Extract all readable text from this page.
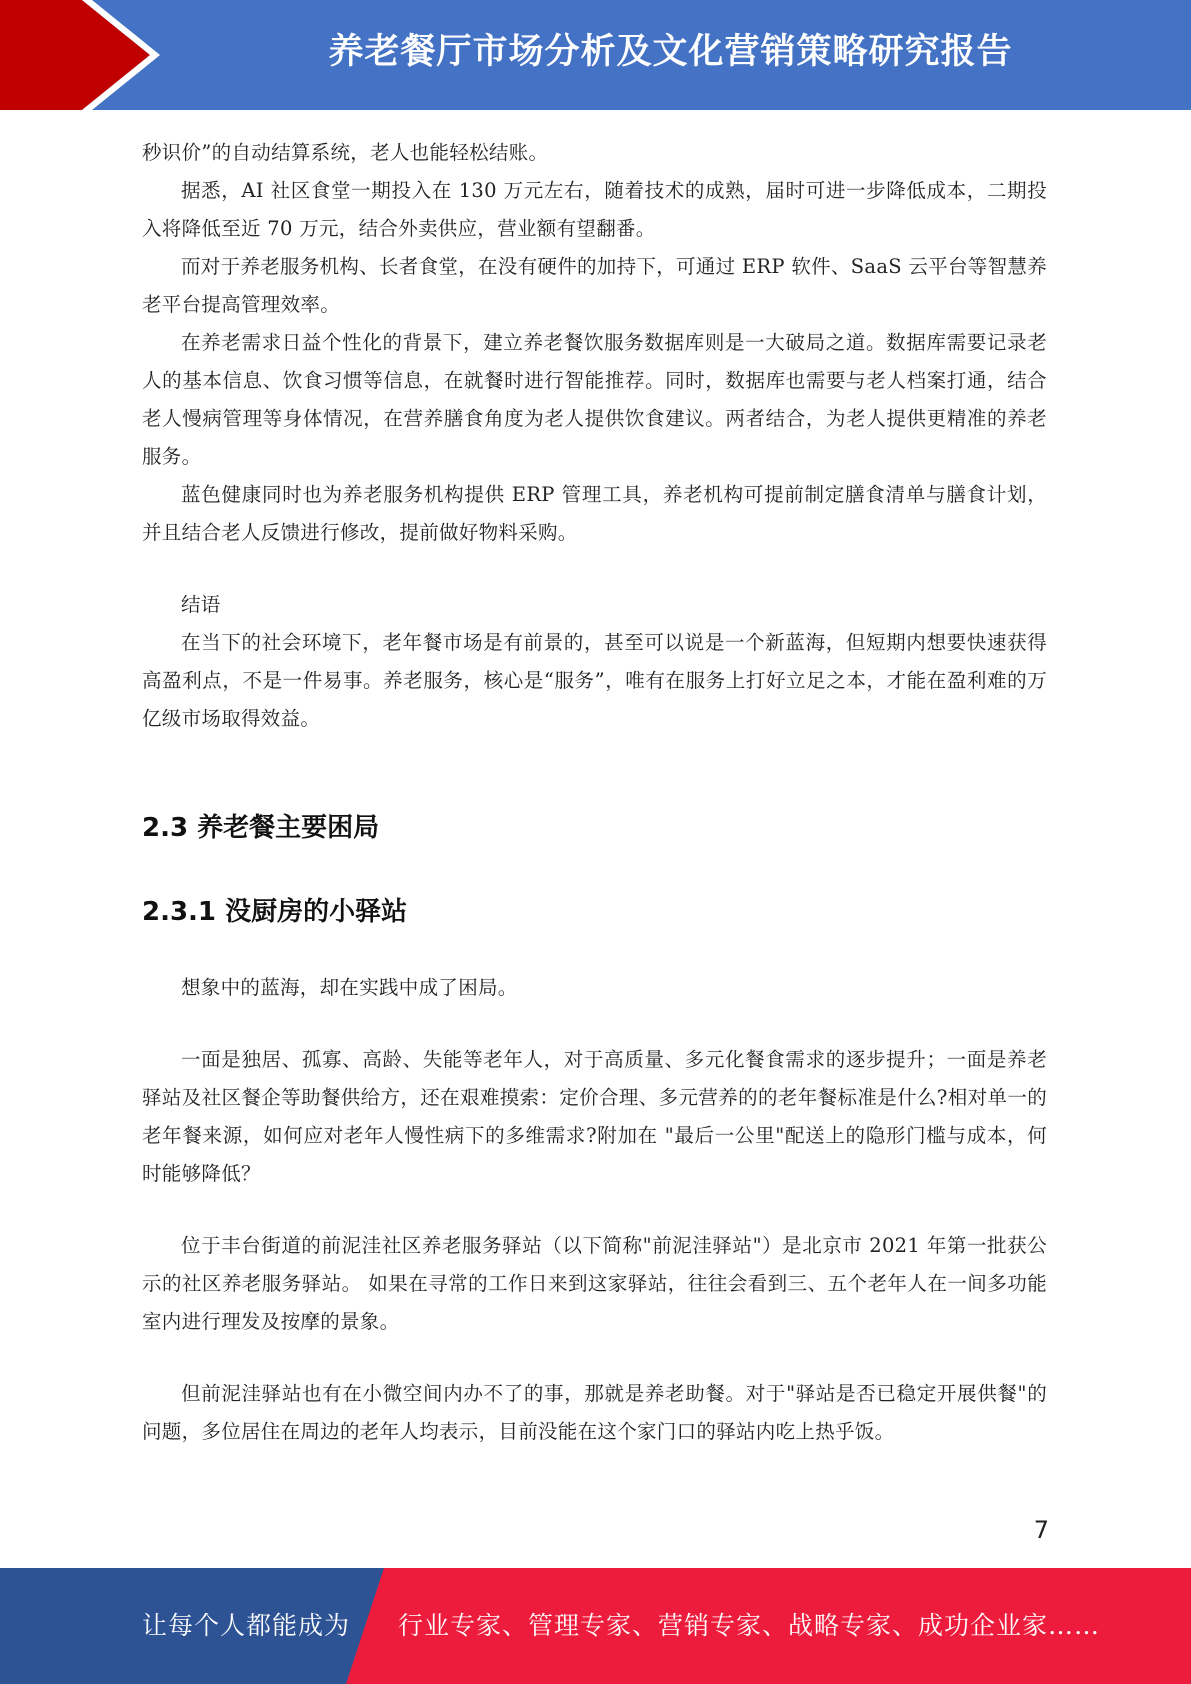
养老餐厅市场分析及文化营销策略研究报告

秒识价”的自动结算系统，老人也能轻松结账。

据悉，AI 社区食堂一期投入在 130 万元左右，随着技术的成熟，届时可进一步降低成本，二期投入将降低至近 70 万元，结合外卖供应，营业额有望翻番。

而对于养老服务机构、长者食堂，在没有硬件的加持下，可通过 ERP 软件、SaaS 云平台等智慧养老平台提高管理效率。

在养老需求日益个性化的背景下，建立养老餐饮服务数据库则是一大破局之道。数据库需要记录老人的基本信息、饮食习惯等信息，在就餐时进行智能推荐。同时，数据库也需要与老人档案打通，结合老人慢病管理等身体情况，在营养膳食角度为老人提供饮食建议。两者结合，为老人提供更精准的养老服务。

蓝色健康同时也为养老服务机构提供 ERP 管理工具，养老机构可提前制定膳食清单与膳食计划，并且结合老人反馈进行修改，提前做好物料采购。

结语

在当下的社会环境下，老年餐市场是有前景的，甚至可以说是一个新蓝海，但短期内想要快速获得高盈利点，不是一件易事。养老服务，核心是“服务”，唯有在服务上打好立足之本，才能在盈利难的万亿级市场取得效益。

2.3 养老餐主要困局
2.3.1 没厨房的小驿站

想象中的蓝海，却在实践中成了困局。

一面是独居、孤寡、高龄、失能等老年人，对于高质量、多元化餐食需求的逐步提升；一面是养老驿站及社区餐企等助餐供给方，还在艰难摸索：定价合理、多元营养的的老年餐标准是什么?相对单一的老年餐来源，如何应对老年人慢性病下的多维需求?附加在 "最后一公里"配送上的隐形门槛与成本，何时能够降低？

位于丰台街道的前泥洼社区养老服务驿站（以下简称"前泥洼驿站"）是北京市 2021 年第一批获公示的社区养老服务驿站。 如果在寻常的工作日来到这家驿站，往往会看到三、五个老年人在一间多功能室内进行理发及按摩的景象。

但前泥洼驿站也有在小微空间内办不了的事，那就是养老助餐。对于"驿站是否已稳定开展供餐"的问题，多位居住在周边的老年人均表示，目前没能在这个家门口的驿站内吃上热乎饭。

7
让每个人都能成为 行业专家、管理专家、营销专家、战略专家、成功企业家……
